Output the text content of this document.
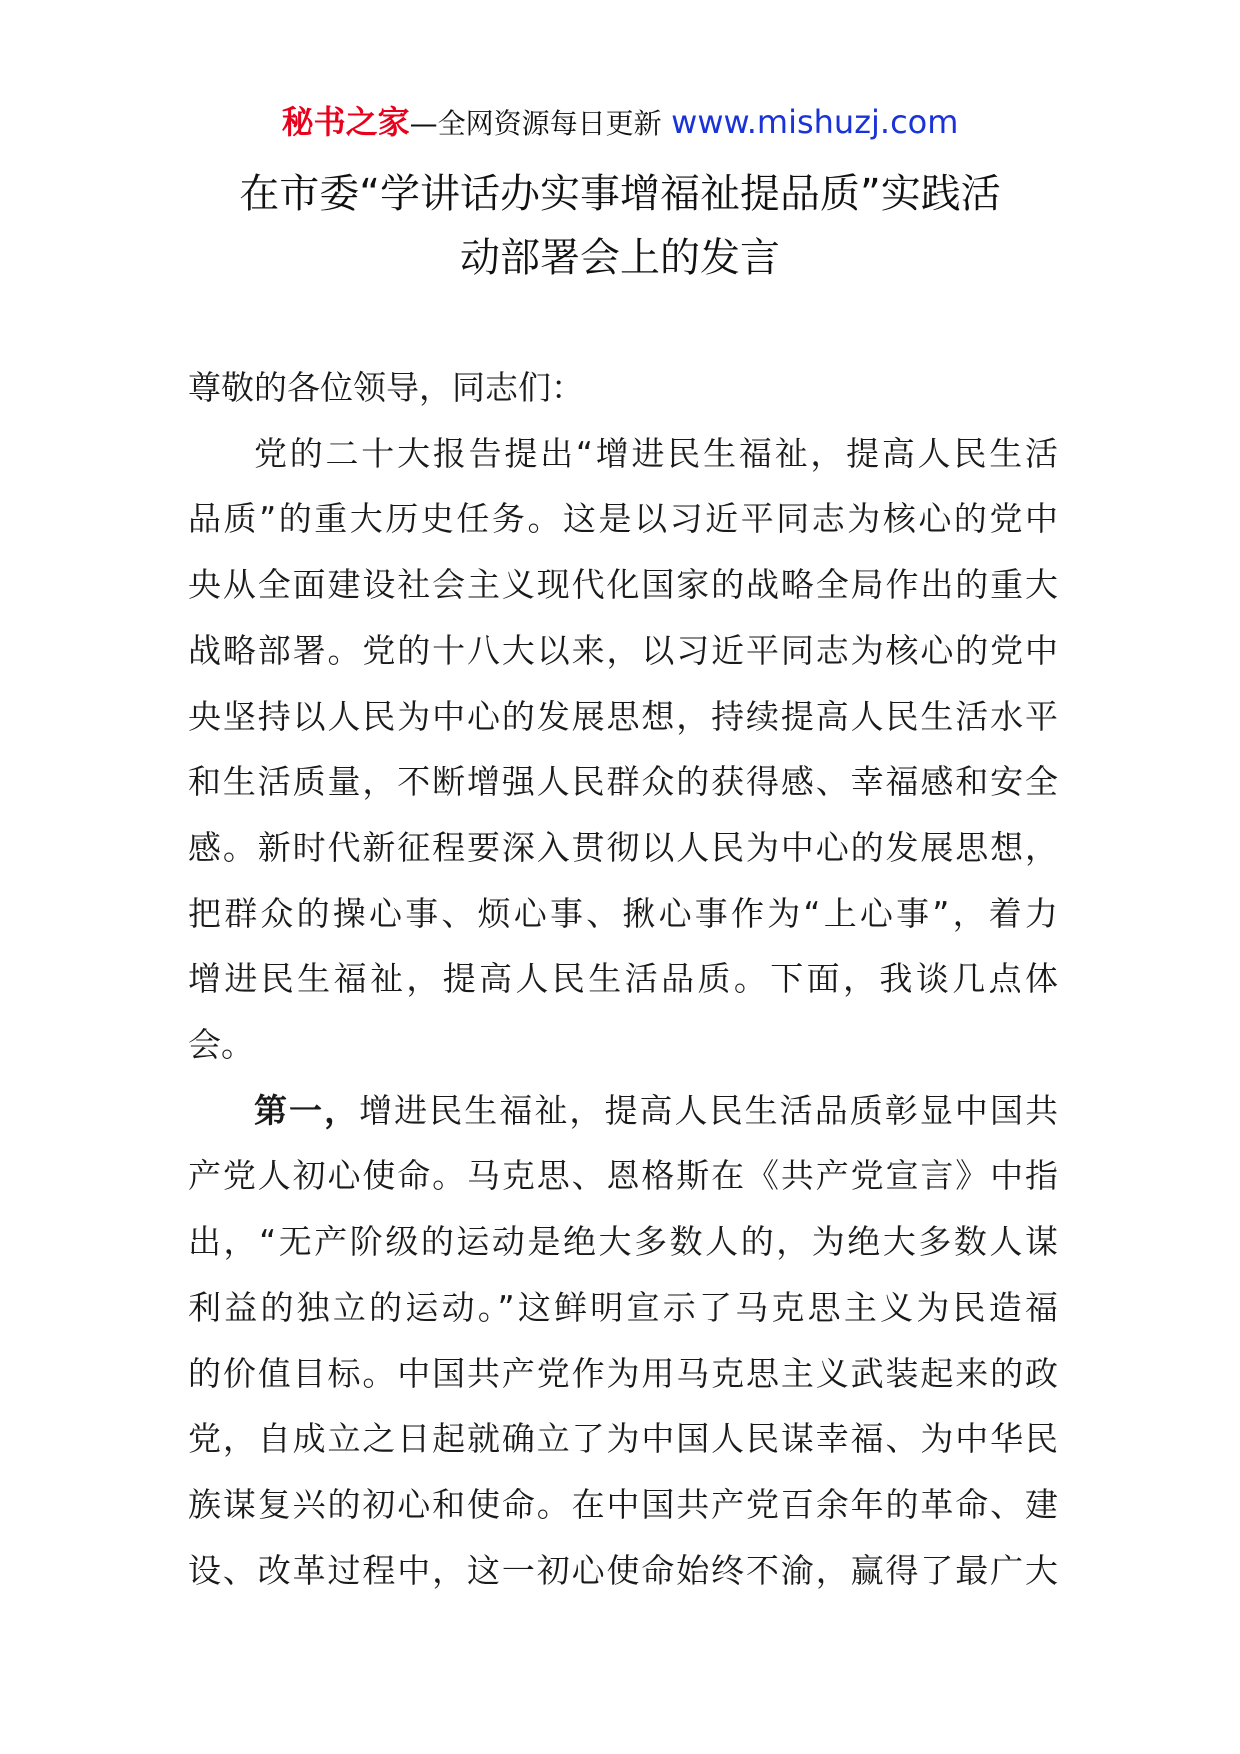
秘书之家—全网资源每日更新 www.mishuzj.com
在市委“学讲话办实事增福祉提品质”实践活
动部署会上的发言

尊敬的各位领导，同志们：

党的二十大报告提出“增进民生福祉，提高人民生活
品质”的重大历史任务。这是以习近平同志为核心的党中
央从全面建设社会主义现代化国家的战略全局作出的重大
战略部署。党的十八大以来，以习近平同志为核心的党中
央坚持以人民为中心的发展思想，持续提高人民生活水平
和生活质量，不断增强人民群众的获得感、幸福感和安全
感。新时代新征程要深入贯彻以人民为中心的发展思想，
把群众的操心事、烦心事、揪心事作为“上心事”，着力
增进民生福祉，提高人民生活品质。下面，我谈几点体
会。

第一，增进民生福祉，提高人民生活品质彰显中国共
产党人初心使命。马克思、恩格斯在《共产党宣言》中指
出，“无产阶级的运动是绝大多数人的，为绝大多数人谋
利益的独立的运动。”这鲜明宣示了马克思主义为民造福
的价值目标。中国共产党作为用马克思主义武装起来的政
党，自成立之日起就确立了为中国人民谋幸福、为中华民
族谋复兴的初心和使命。在中国共产党百余年的革命、建
设、改革过程中，这一初心使命始终不渝，赢得了最广大
